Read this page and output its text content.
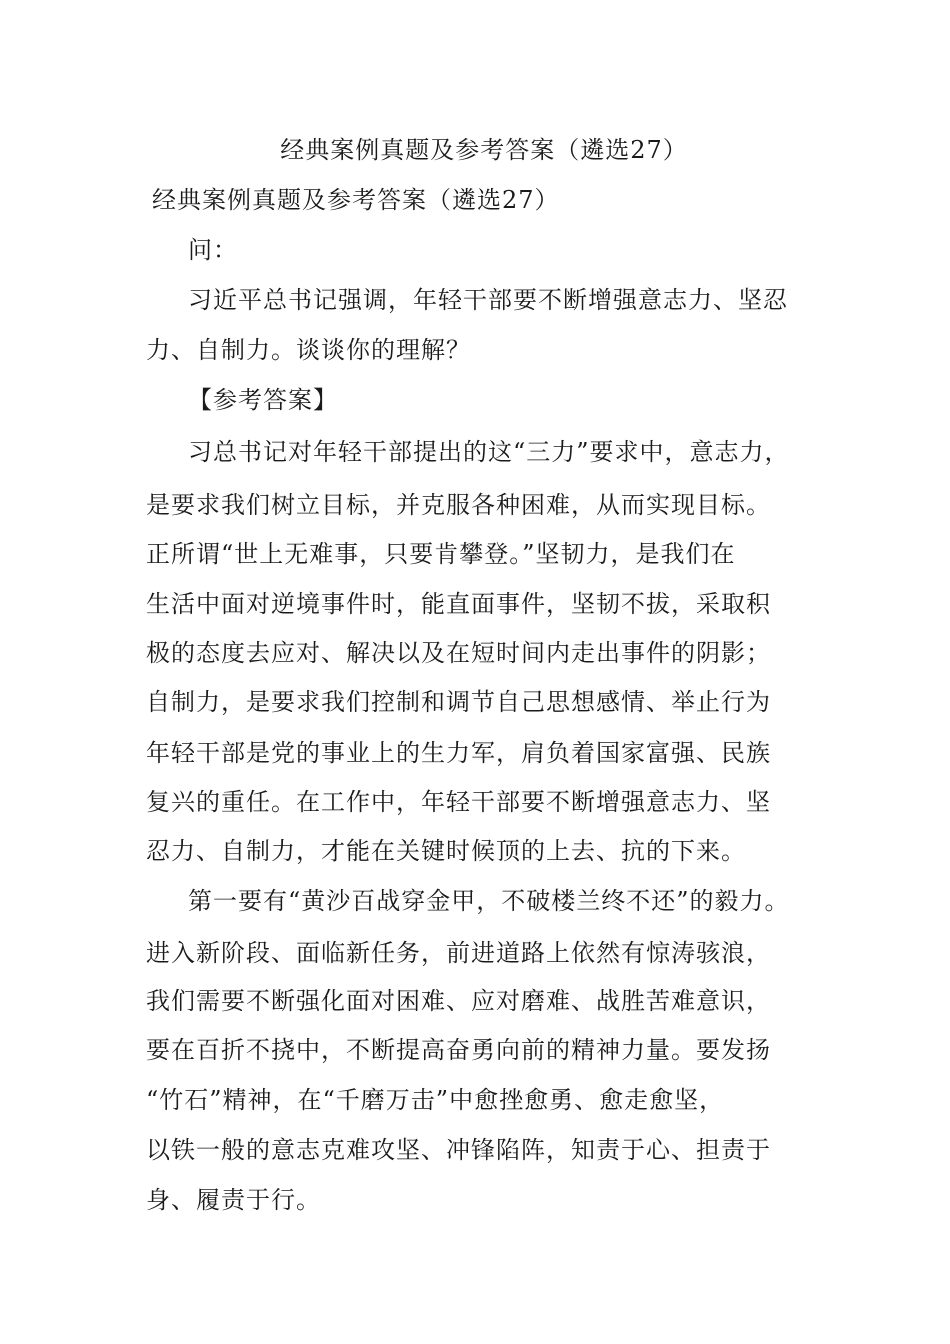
经典案例真题及参考答案（遴选27）
经典案例真题及参考答案（遴选27）
问：
习近平总书记强调，年轻干部要不断增强意志力、坚忍
力、自制力。谈谈你的理解？
【参考答案】
习总书记对年轻干部提出的这“三力”要求中，意志力，
是要求我们树立目标，并克服各种困难，从而实现目标。
正所谓“世上无难事，只要肯攀登。”坚韧力，是我们在
生活中面对逆境事件时，能直面事件，坚韧不拔，采取积
极的态度去应对、解决以及在短时间内走出事件的阴影；
自制力，是要求我们控制和调节自己思想感情、举止行为
年轻干部是党的事业上的生力军，肩负着国家富强、民族
复兴的重任。在工作中，年轻干部要不断增强意志力、坚
忍力、自制力，才能在关键时候顶的上去、抗的下来。
第一要有“黄沙百战穿金甲，不破楼兰终不还”的毅力。
进入新阶段、面临新任务，前进道路上依然有惊涛骇浪，
我们需要不断强化面对困难、应对磨难、战胜苦难意识，
要在百折不挠中，不断提高奋勇向前的精神力量。要发扬
“竹石”精神，在“千磨万击”中愈挫愈勇、愈走愈坚，
以铁一般的意志克难攻坚、冲锋陷阵，知责于心、担责于
身、履责于行。
